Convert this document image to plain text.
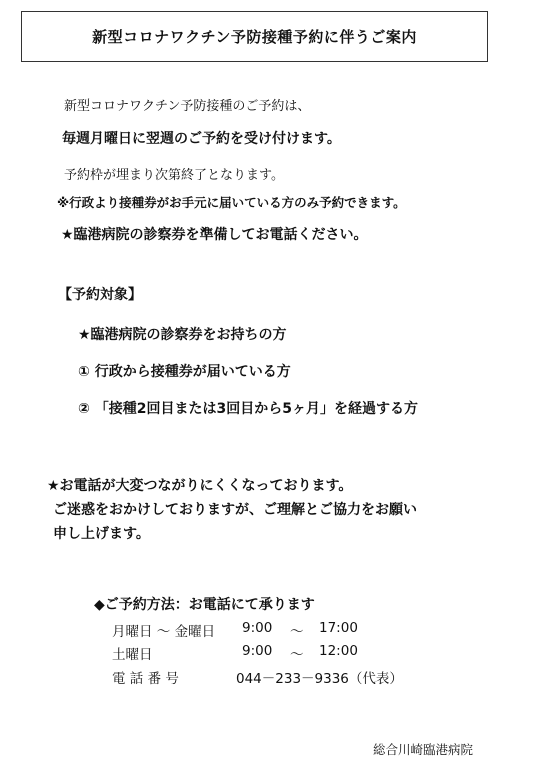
新型コロナワクチン予防接種予約に伴うご案内
新型コロナワクチン予防接種のご予約は、
毎週月曜日に翌週のご予約を受け付けます。
予約枠が埋まり次第終了となります。
※行政より接種券がお手元に届いている方のみ予約できます。
★臨港病院の診察券を準備してお電話ください。
【予約対象】
★臨港病院の診察券をお持ちの方
① 行政から接種券が届いている方
② 「接種2回目または3回目から5ヶ月」を経過する方
★お電話が大変つながりにくくなっております。
ご迷惑をおかけしておりますが、ご理解とご協力をお願い
申し上げます。
◆ご予約方法：お電話にて承ります
月曜日 ～ 金曜日 9:00 ～ 17:00
土曜日	9:00 ～ 12:00
電 話 番 号	044－233－9336（代表）
総合川崎臨港病院
